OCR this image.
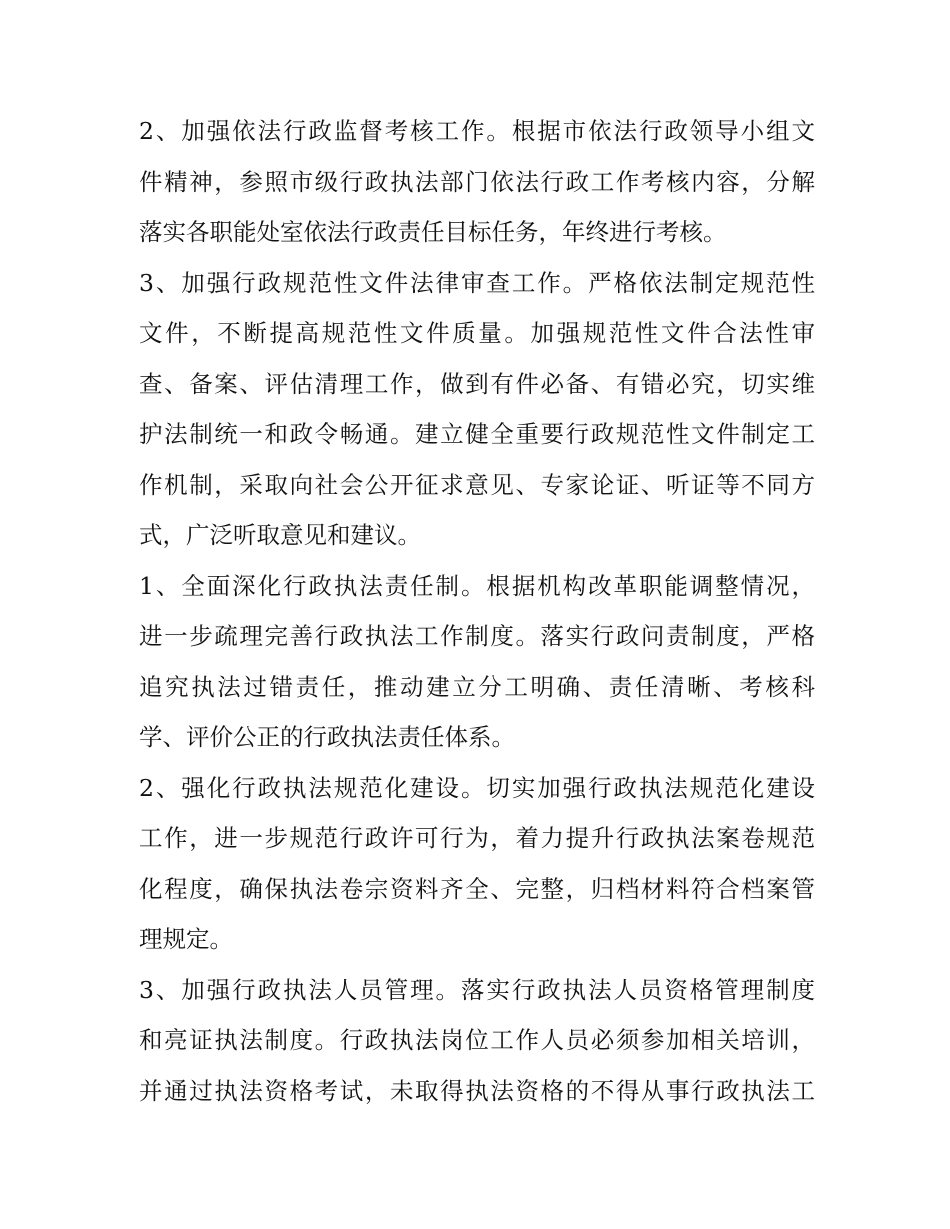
2、加强依法行政监督考核工作。根据市依法行政领导小组文
件精神，参照市级行政执法部门依法行政工作考核内容，分解
落实各职能处室依法行政责任目标任务，年终进行考核。
3、加强行政规范性文件法律审查工作。严格依法制定规范性
文件，不断提高规范性文件质量。加强规范性文件合法性审
查、备案、评估清理工作，做到有件必备、有错必究，切实维
护法制统一和政令畅通。建立健全重要行政规范性文件制定工
作机制，采取向社会公开征求意见、专家论证、听证等不同方
式，广泛听取意见和建议。
1、全面深化行政执法责任制。根据机构改革职能调整情况，
进一步疏理完善行政执法工作制度。落实行政问责制度，严格
追究执法过错责任，推动建立分工明确、责任清晰、考核科
学、评价公正的行政执法责任体系。
2、强化行政执法规范化建设。切实加强行政执法规范化建设
工作，进一步规范行政许可行为，着力提升行政执法案卷规范
化程度，确保执法卷宗资料齐全、完整，归档材料符合档案管
理规定。
3、加强行政执法人员管理。落实行政执法人员资格管理制度
和亮证执法制度。行政执法岗位工作人员必须参加相关培训，
并通过执法资格考试，未取得执法资格的不得从事行政执法工
